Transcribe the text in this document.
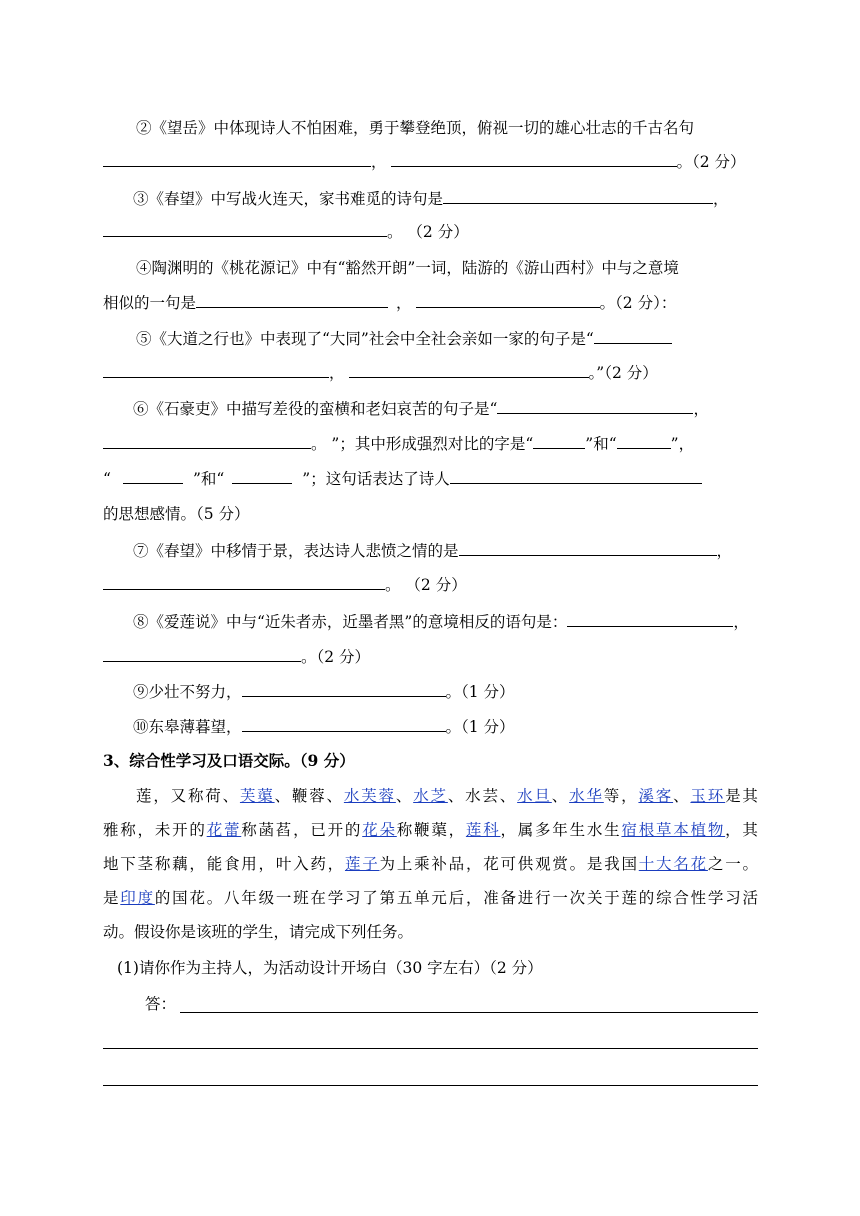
②《望岳》中体现诗人不怕困难，勇于攀登绝顶，俯视一切的雄心壮志的千古名句
，	。（2 分）
③《春望》中写战火连天，家书难觅的诗句是	，
。 （2 分）
④陶渊明的《桃花源记》中有“豁然开朗”一词，陆游的《游山西村》中与之意境
相似的一句是	，	。（2 分）：
⑤《大道之行也》中表现了“大同”社会中全社会亲如一家的句子是“
，	。”（2 分）
⑥《石豪吏》中描写差役的蛮横和老妇哀苦的句子是“	，
。 ”；其中形成强烈对比的字是“	”和“	”，
“	”和“	”；这句话表达了诗人
的思想感情。（5 分）
⑦《春望》中移情于景，表达诗人悲愤之情的是	，
。 （2 分）
⑧《爱莲说》中与“近朱者赤，近墨者黑”的意境相反的语句是：	，
。（2 分）
⑨少壮不努力，	。（1 分）
⑩东皋薄暮望，	。（1 分）
3、综合性学习及口语交际。（9 分）
莲，又称荷、芙蕖、鞭蓉、水芙蓉、水芝、水芸、水旦、水华等，溪客、玉环是其
雅称，未开的花蕾称菡萏，已开的花朵称鞭蕖，莲科，属多年生水生宿根草本植物，其
地下茎称藕，能食用，叶入药，莲子为上乘补品，花可供观赏。是我国十大名花之一。
是印度的国花。八年级一班在学习了第五单元后，准备进行一次关于莲的综合性学习活
动。假设你是该班的学生，请完成下列任务。
(1)请你作为主持人，为活动设计开场白（30 字左右）（2 分）
答：
